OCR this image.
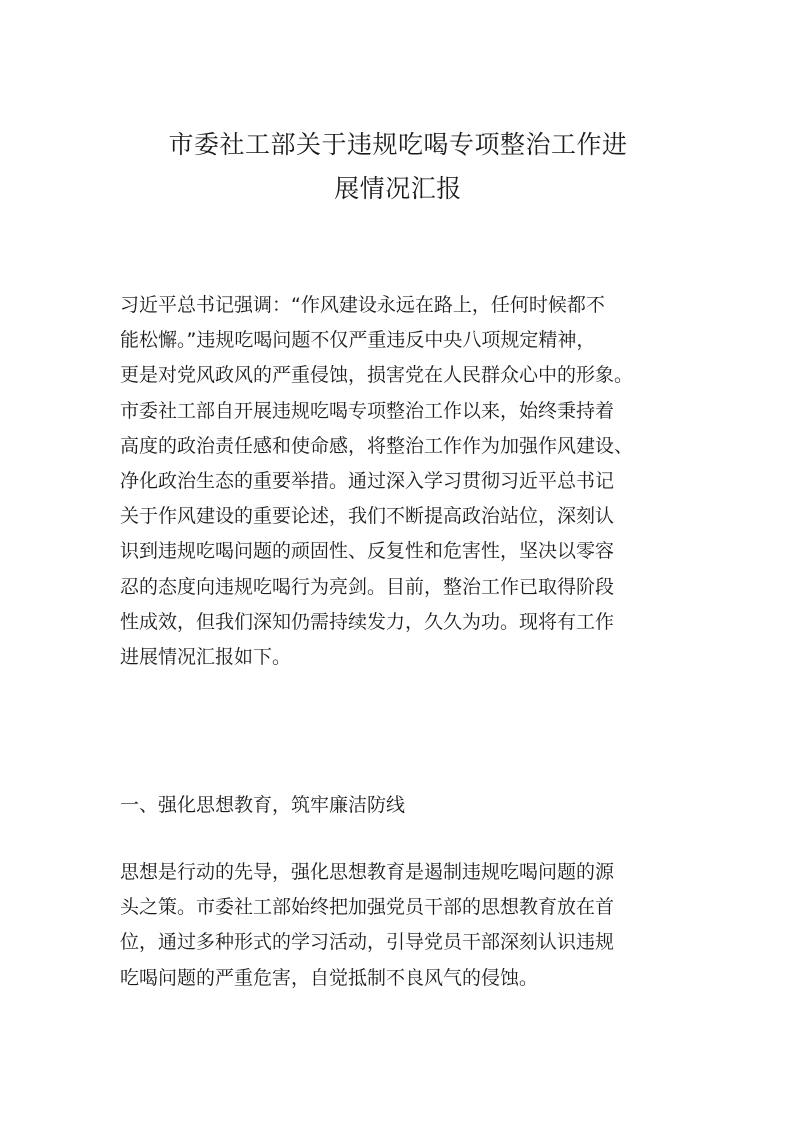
市委社工部关于违规吃喝专项整治工作进
展情况汇报
习近平总书记强调：“作风建设永远在路上，任何时候都不
能松懈。”违规吃喝问题不仅严重违反中央八项规定精神，
更是对党风政风的严重侵蚀，损害党在人民群众心中的形象。
市委社工部自开展违规吃喝专项整治工作以来，始终秉持着
高度的政治责任感和使命感，将整治工作作为加强作风建设、
净化政治生态的重要举措。通过深入学习贯彻习近平总书记
关于作风建设的重要论述，我们不断提高政治站位，深刻认
识到违规吃喝问题的顽固性、反复性和危害性，坚决以零容
忍的态度向违规吃喝行为亮剑。目前，整治工作已取得阶段
性成效，但我们深知仍需持续发力，久久为功。现将有工作
进展情况汇报如下。
一、强化思想教育，筑牢廉洁防线
思想是行动的先导，强化思想教育是遏制违规吃喝问题的源
头之策。市委社工部始终把加强党员干部的思想教育放在首
位，通过多种形式的学习活动，引导党员干部深刻认识违规
吃喝问题的严重危害，自觉抵制不良风气的侵蚀。
